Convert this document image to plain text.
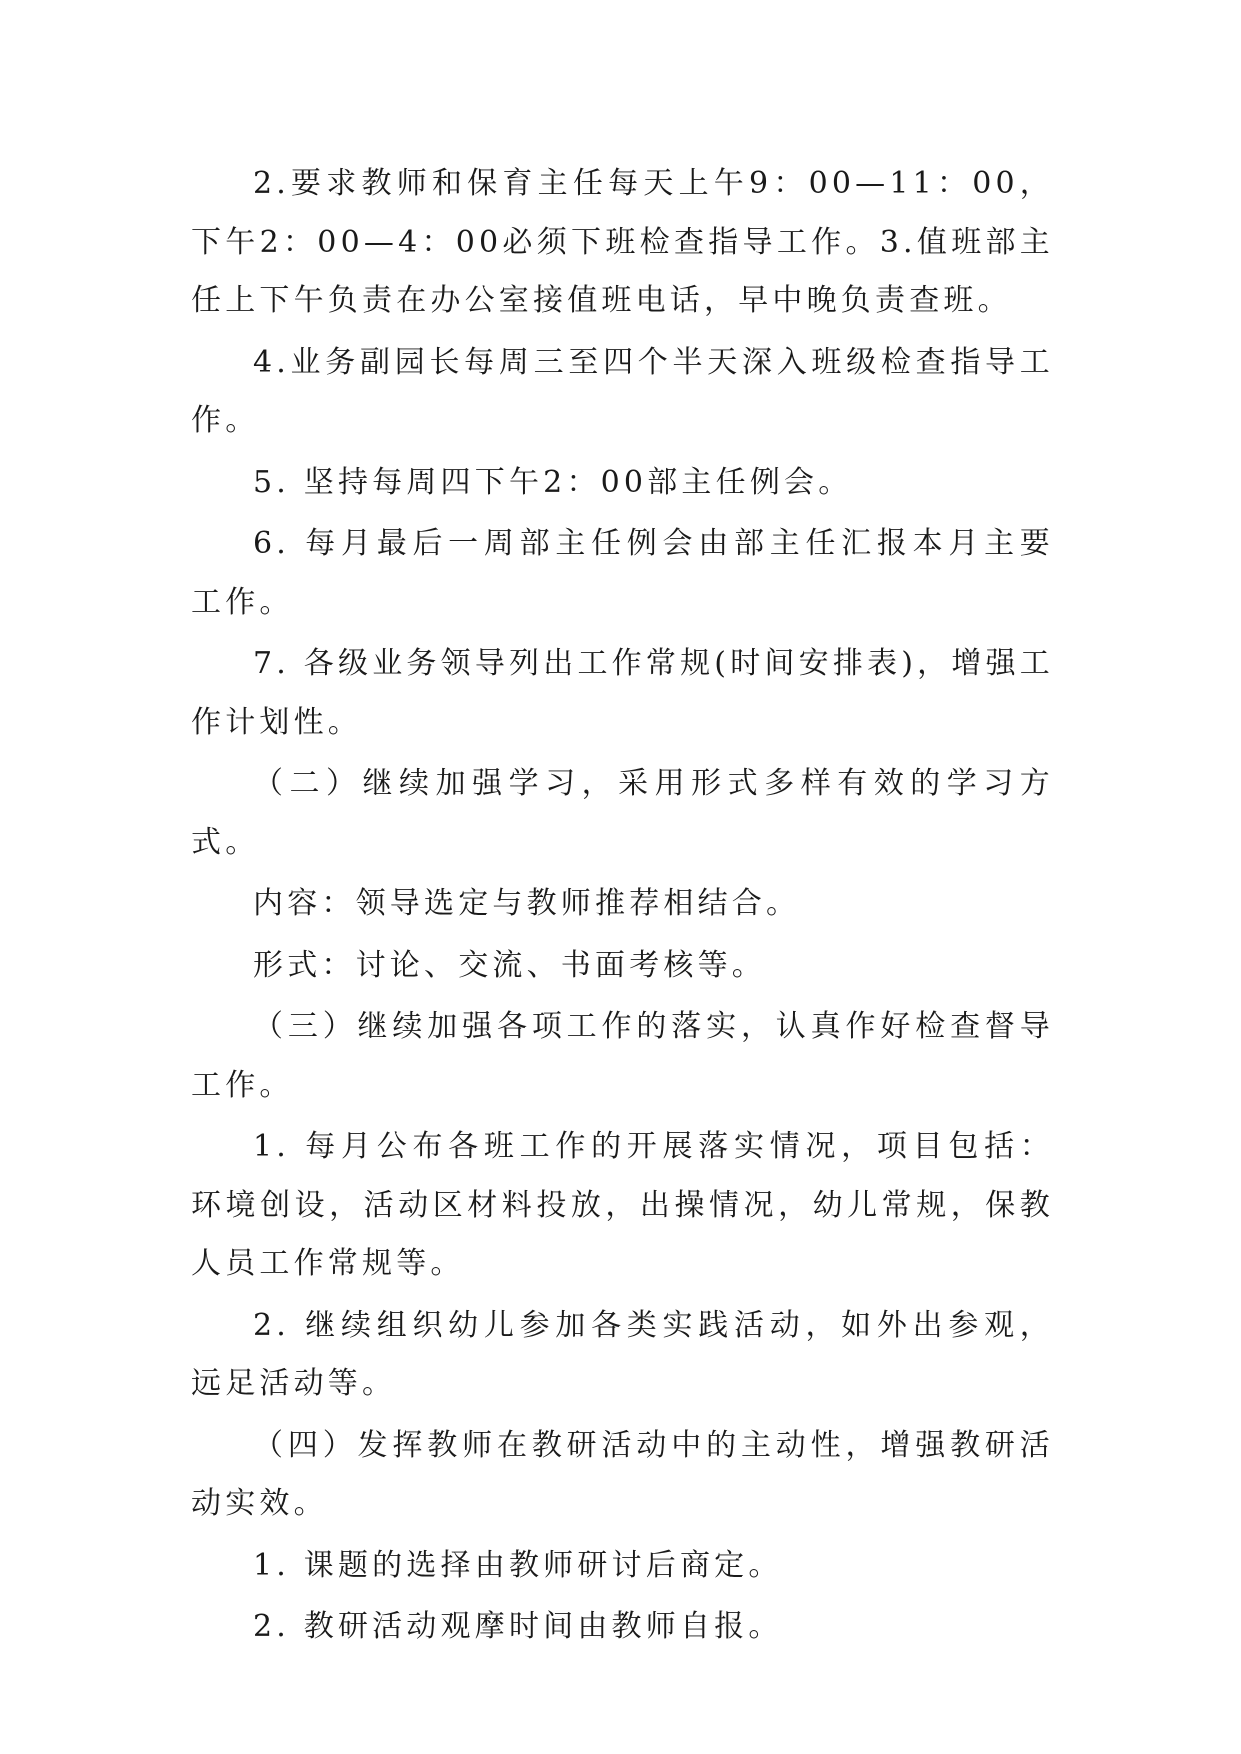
2.要求教师和保育主任每天上午9：00—11：00，下午2：00—4：00必须下班检查指导工作。3.值班部主任上下午负责在办公室接值班电话，早中晚负责查班。

4.业务副园长每周三至四个半天深入班级检查指导工作。

5. 坚持每周四下午2：00部主任例会。

6. 每月最后一周部主任例会由部主任汇报本月主要工作。

7. 各级业务领导列出工作常规(时间安排表)，增强工作计划性。

（二）继续加强学习，采用形式多样有效的学习方式。

内容：领导选定与教师推荐相结合。

形式：讨论、交流、书面考核等。

（三）继续加强各项工作的落实，认真作好检查督导工作。

1. 每月公布各班工作的开展落实情况，项目包括：环境创设，活动区材料投放，出操情况，幼儿常规，保教人员工作常规等。

2. 继续组织幼儿参加各类实践活动，如外出参观，远足活动等。

（四）发挥教师在教研活动中的主动性，增强教研活动实效。

1. 课题的选择由教师研讨后商定。

2. 教研活动观摩时间由教师自报。
